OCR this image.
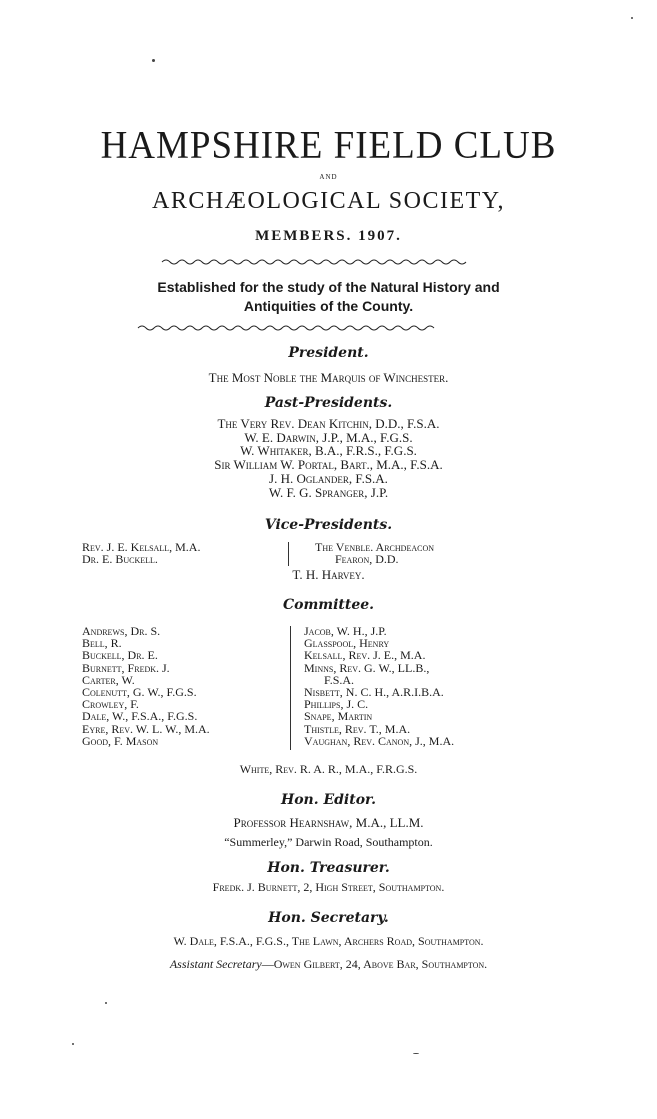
HAMPSHIRE FIELD CLUB
AND
ARCHÆOLOGICAL SOCIETY,
MEMBERS. 1907.
Established for the study of the Natural History and
Antiquities of the County.
President.
The Most Noble the Marquis of Winchester.
Past-Presidents.
The Very Rev. Dean Kitchin, D.D., F.S.A.
W. E. Darwin, J.P., M.A., F.G.S.
W. Whitaker, B.A., F.R.S., F.G.S.
Sir William W. Portal, Bart., M.A., F.S.A.
J. H. Oglander, F.S.A.
W. F. G. Spranger, J.P.
Vice-Presidents.
Rev. J. E. Kelsall, M.A.
Dr. E. Buckell.
The Venble. Archdeacon
Fearon, D.D.
T. H. Harvey.
Committee.
Andrews, Dr. S.
Bell, R.
Buckell, Dr. E.
Burnett, Fredk. J.
Carter, W.
Colenutt, G. W., F.G.S.
Crowley, F.
Dale, W., F.S.A., F.G.S.
Eyre, Rev. W. L. W., M.A.
Good, F. Mason
Jacob, W. H., J.P.
Glasspool, Henry
Kelsall, Rev. J. E., M.A.
Minns, Rev. G. W., LL.B.,
F.S.A.
Nisbett, N. C. H., A.R.I.B.A.
Phillips, J. C.
Snape, Martin
Thistle, Rev. T., M.A.
Vaughan, Rev. Canon, J., M.A.
White, Rev. R. A. R., M.A., F.R.G.S.
Hon. Editor.
Professor Hearnshaw, M.A., LL.M.
“Summerley,” Darwin Road, Southampton.
Hon. Treasurer.
Fredk. J. Burnett, 2, High Street, Southampton.
Hon. Secretary.
W. Dale, F.S.A., F.G.S., The Lawn, Archers Road, Southampton.
Assistant Secretary—Owen Gilbert, 24, Above Bar, Southampton.
